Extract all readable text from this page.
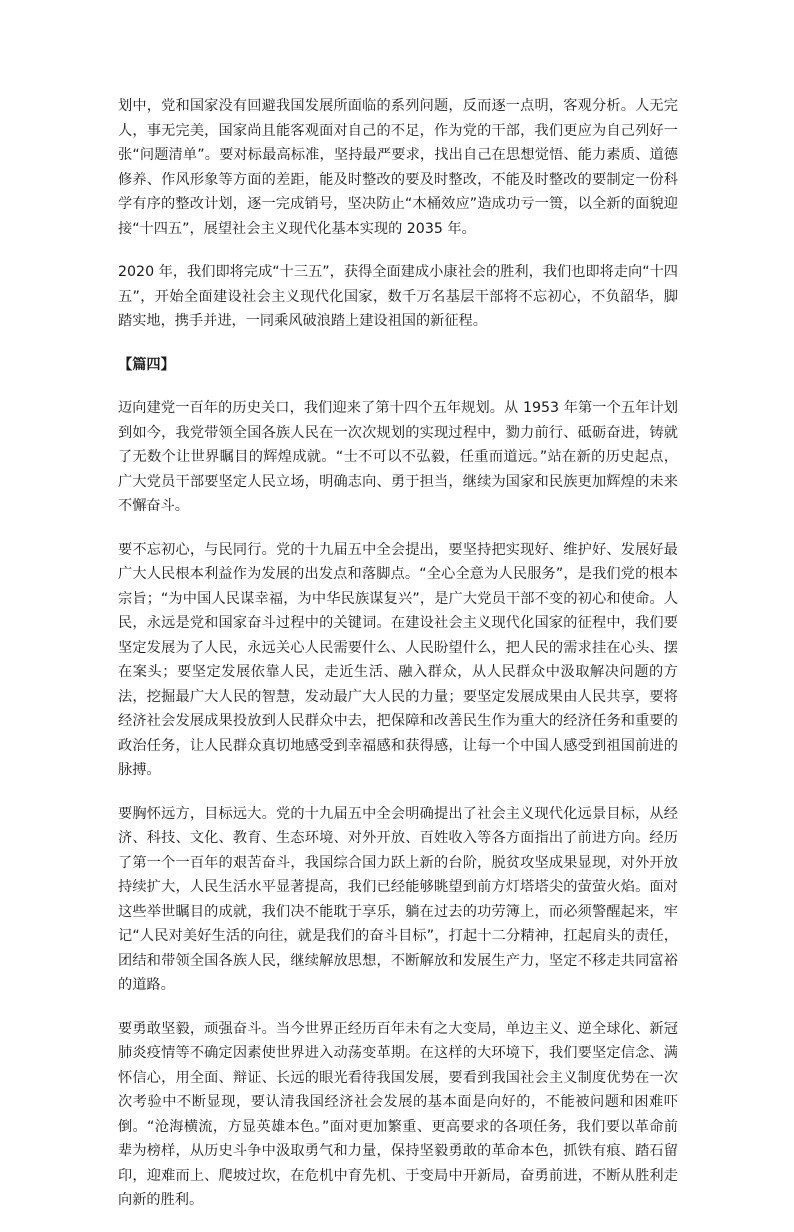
划中，党和国家没有回避我国发展所面临的系列问题，反而逐一点明，客观分析。人无完人，事无完美，国家尚且能客观面对自己的不足，作为党的干部，我们更应为自己列好一张“问题清单”。要对标最高标准，坚持最严要求，找出自己在思想觉悟、能力素质、道德修养、作风形象等方面的差距，能及时整改的要及时整改，不能及时整改的要制定一份科学有序的整改计划，逐一完成销号，坚决防止“木桶效应”造成功亏一篑，以全新的面貌迎接“十四五”，展望社会主义现代化基本实现的 2035 年。

2020 年，我们即将完成“十三五”，获得全面建成小康社会的胜利，我们也即将走向“十四五”，开始全面建设社会主义现代化国家，数千万名基层干部将不忘初心，不负韶华，脚踏实地，携手并进，一同乘风破浪踏上建设祖国的新征程。

【篇四】

迈向建党一百年的历史关口，我们迎来了第十四个五年规划。从 1953 年第一个五年计划到如今，我党带领全国各族人民在一次次规划的实现过程中，勠力前行、砥砺奋进，铸就了无数个让世界瞩目的辉煌成就。“士不可以不弘毅，任重而道远。”站在新的历史起点，广大党员干部要坚定人民立场，明确志向、勇于担当，继续为国家和民族更加辉煌的未来不懈奋斗。

要不忘初心，与民同行。党的十九届五中全会提出，要坚持把实现好、维护好、发展好最广大人民根本利益作为发展的出发点和落脚点。“全心全意为人民服务”，是我们党的根本宗旨；“为中国人民谋幸福，为中华民族谋复兴”，是广大党员干部不变的初心和使命。人民，永远是党和国家奋斗过程中的关键词。在建设社会主义现代化国家的征程中，我们要坚定发展为了人民，永远关心人民需要什么、人民盼望什么，把人民的需求挂在心头、摆在案头；要坚定发展依靠人民，走近生活、融入群众，从人民群众中汲取解决问题的方法，挖掘最广大人民的智慧，发动最广大人民的力量；要坚定发展成果由人民共享，要将经济社会发展成果投放到人民群众中去，把保障和改善民生作为重大的经济任务和重要的政治任务，让人民群众真切地感受到幸福感和获得感，让每一个中国人感受到祖国前进的脉搏。

要胸怀远方，目标远大。党的十九届五中全会明确提出了社会主义现代化远景目标，从经济、科技、文化、教育、生态环境、对外开放、百姓收入等各方面指出了前进方向。经历了第一个一百年的艰苦奋斗，我国综合国力跃上新的台阶，脱贫攻坚成果显现，对外开放持续扩大，人民生活水平显著提高，我们已经能够眺望到前方灯塔塔尖的萤萤火焰。面对这些举世瞩目的成就，我们决不能耽于享乐，躺在过去的功劳簿上，而必须警醒起来，牢记“人民对美好生活的向往，就是我们的奋斗目标”，打起十二分精神，扛起肩头的责任，团结和带领全国各族人民，继续解放思想，不断解放和发展生产力，坚定不移走共同富裕的道路。

要勇敢坚毅，顽强奋斗。当今世界正经历百年未有之大变局，单边主义、逆全球化、新冠肺炎疫情等不确定因素使世界进入动荡变革期。在这样的大环境下，我们要坚定信念、满怀信心，用全面、辩证、长远的眼光看待我国发展，要看到我国社会主义制度优势在一次次考验中不断显现，要认清我国经济社会发展的基本面是向好的，不能被问题和困难吓倒。“沧海横流，方显英雄本色。”面对更加繁重、更高要求的各项任务，我们要以革命前辈为榜样，从历史斗争中汲取勇气和力量，保持坚毅勇敢的革命本色，抓铁有痕、踏石留印，迎难而上、爬坡过坎，在危机中育先机、于变局中开新局，奋勇前进，不断从胜利走向新的胜利。
